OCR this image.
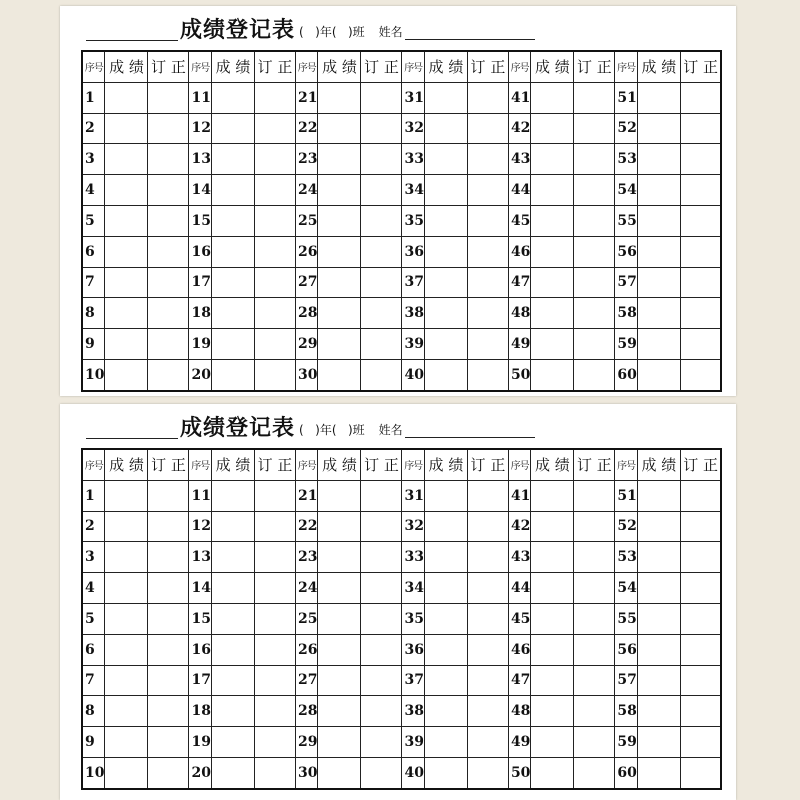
成绩登记表 (   )年(   )班 姓名
序号	成 绩	订 正	序号	成 绩	订 正	序号	成 绩	订 正	序号	成 绩	订 正	序号	成 绩	订 正	序号	成 绩	订 正
1			11			21			31			41			51		
2			12			22			32			42			52		
3			13			23			33			43			53		
4			14			24			34			44			54		
5			15			25			35			45			55		
6			16			26			36			46			56		
7			17			27			37			47			57		
8			18			28			38			48			58		
9			19			29			39			49			59		
10			20			30			40			50			60		
成绩登记表 (   )年(   )班 姓名
序号	成 绩	订 正	序号	成 绩	订 正	序号	成 绩	订 正	序号	成 绩	订 正	序号	成 绩	订 正	序号	成 绩	订 正
1			11			21			31			41			51		
2			12			22			32			42			52		
3			13			23			33			43			53		
4			14			24			34			44			54		
5			15			25			35			45			55		
6			16			26			36			46			56		
7			17			27			37			47			57		
8			18			28			38			48			58		
9			19			29			39			49			59		
10			20			30			40			50			60		
